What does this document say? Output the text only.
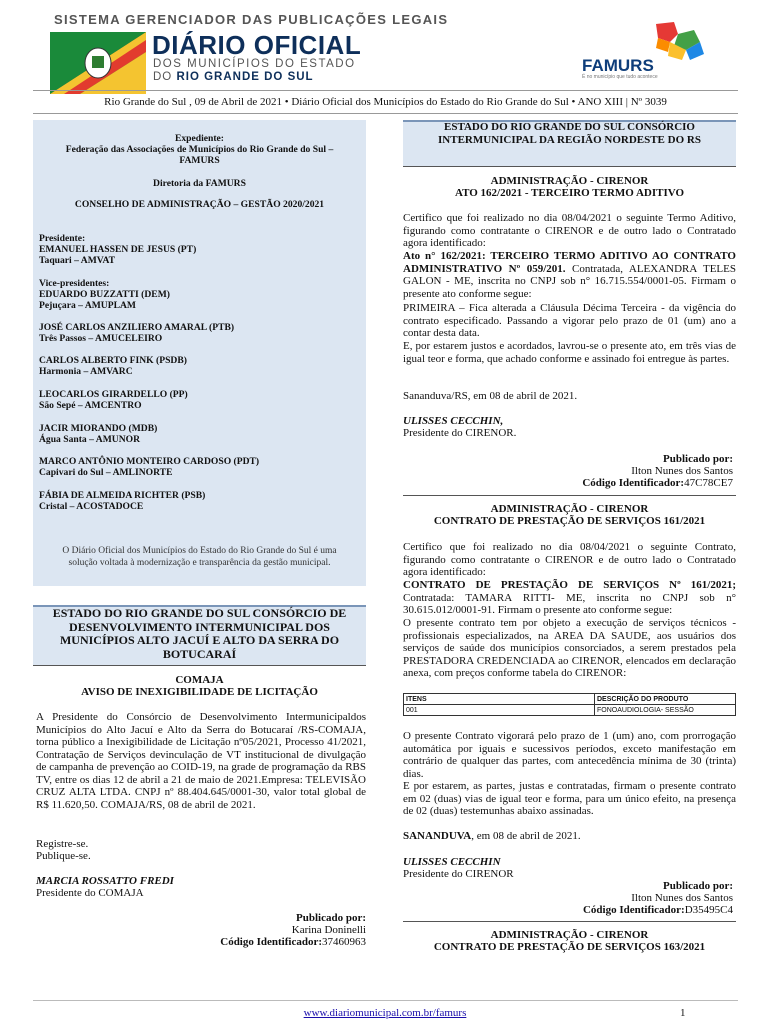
SISTEMA GERENCIADOR DAS PUBLICAÇÕES LEGAIS
DIÁRIO OFICIAL
DOS MUNICÍPIOS DO ESTADO
DO RIO GRANDE DO SUL
FAMURS
É no município que tudo acontece
Rio Grande do Sul , 09 de Abril de 2021 • Diário Oficial dos Municípios do Estado do Rio Grande do Sul • ANO XIII | Nº 3039
Expediente:
Federação das Associações de Municípios do Rio Grande do Sul – FAMURS
Diretoria da FAMURS
CONSELHO DE ADMINISTRAÇÃO – GESTÃO 2020/2021
Presidente:
EMANUEL HASSEN DE JESUS (PT)
Taquari – AMVAT
Vice-presidentes:
EDUARDO BUZZATTI (DEM)
Pejuçara – AMUPLAM
JOSÉ CARLOS ANZILIERO AMARAL (PTB)
Três Passos – AMUCELEIRO
CARLOS ALBERTO FINK (PSDB)
Harmonia – AMVARC
LEOCARLOS GIRARDELLO (PP)
São Sepé – AMCENTRO
JACIR MIORANDO (MDB)
Água Santa – AMUNOR
MARCO ANTÔNIO MONTEIRO CARDOSO (PDT)
Capivari do Sul – AMLINORTE
FÁBIA DE ALMEIDA RICHTER (PSB)
Cristal – ACOSTADOCE
O Diário Oficial dos Municípios do Estado do Rio Grande do Sul é uma solução voltada à modernização e transparência da gestão municipal.
ESTADO DO RIO GRANDE DO SUL CONSÓRCIO DE DESENVOLVIMENTO INTERMUNICIPAL DOS MUNICÍPIOS ALTO JACUÍ E ALTO DA SERRA DO BOTUCARAÍ
COMAJA
AVISO DE INEXIGIBILIDADE DE LICITAÇÃO
A Presidente do Consórcio de Desenvolvimento Intermunicipaldos Municípios do Alto Jacuí e Alto da Serra do Botucaraí /RS-COMAJA, torna público a Inexigibilidade de Licitação nº05/2021, Processo 41/2021, Contratação de Serviços devinculação de VT institucional de divulgação de campanha de prevenção ao COID-19, na grade de programação da RBS TV, entre os dias 12 de abril a 21 de maio de 2021.Empresa: TELEVISÃO CRUZ ALTA LTDA. CNPJ nº 88.404.645/0001-30, valor total global de R$ 11.620,50. COMAJA/RS, 08 de abril de 2021.
Registre-se.
Publique-se.
MARCIA ROSSATTO FREDI
Presidente do COMAJA
Publicado por:
Karina Doninelli
Código Identificador:37460963
ESTADO DO RIO GRANDE DO SUL CONSÓRCIO INTERMUNICIPAL DA REGIÃO NORDESTE DO RS
ADMINISTRAÇÃO - CIRENOR
ATO 162/2021 - TERCEIRO TERMO ADITIVO
Certifico que foi realizado no dia 08/04/2021 o seguinte Termo Aditivo, figurando como contratante o CIRENOR e de outro lado o Contratado agora identificado:
Ato n° 162/2021: TERCEIRO TERMO ADITIVO AO CONTRATO ADMINISTRATIVO Nº 059/201. Contratada, ALEXANDRA TELES GALON - ME, inscrita no CNPJ sob n° 16.715.554/0001-05. Firmam o presente ato conforme segue:
PRIMEIRA – Fica alterada a Cláusula Décima Terceira - da vigência do contrato especificado. Passando a vigorar pelo prazo de 01 (um) ano a contar desta data.
E, por estarem justos e acordados, lavrou-se o presente ato, em três vias de igual teor e forma, que achado conforme e assinado foi entregue às partes.
Sananduva/RS, em 08 de abril de 2021.
ULISSES CECCHIN,
Presidente do CIRENOR.
Publicado por:
Ilton Nunes dos Santos
Código Identificador:47C78CE7
ADMINISTRAÇÃO - CIRENOR
CONTRATO DE PRESTAÇÃO DE SERVIÇOS 161/2021
Certifico que foi realizado no dia 08/04/2021 o seguinte Contrato, figurando como contratante o CIRENOR e de outro lado o Contratado agora identificado:
CONTRATO DE PRESTAÇÃO DE SERVIÇOS Nº 161/2021; Contratada: TAMARA RITTI- ME, inscrita no CNPJ sob n° 30.615.012/0001-91. Firmam o presente ato conforme segue:
O presente contrato tem por objeto a execução de serviços técnicos - profissionais especializados, na AREA DA SAUDE, aos usuários dos serviços de saúde dos municípios consorciados, a serem prestados pela PRESTADORA CREDENCIADA ao CIRENOR, elencados em declaração anexa, com preços conforme tabela do CIRENOR:
ITENS	DESCRIÇÃO DO PRODUTO
001	FONOAUDIOLOGIA- SESSÃO
O presente Contrato vigorará pelo prazo de 1 (um) ano, com prorrogação automática por iguais e sucessivos períodos, exceto manifestação em contrário de qualquer das partes, com antecedência mínima de 30 (trinta) dias.
E por estarem, as partes, justas e contratadas, firmam o presente contrato em 02 (duas) vias de igual teor e forma, para um único efeito, na presença de 02 (duas) testemunhas abaixo assinadas.
SANANDUVA, em 08 de abril de 2021.
ULISSES CECCHIN
Presidente do CIRENOR
Publicado por:
Ilton Nunes dos Santos
Código Identificador:D35495C4
ADMINISTRAÇÃO - CIRENOR
CONTRATO DE PRESTAÇÃO DE SERVIÇOS 163/2021
www.diariomunicipal.com.br/famurs	1
